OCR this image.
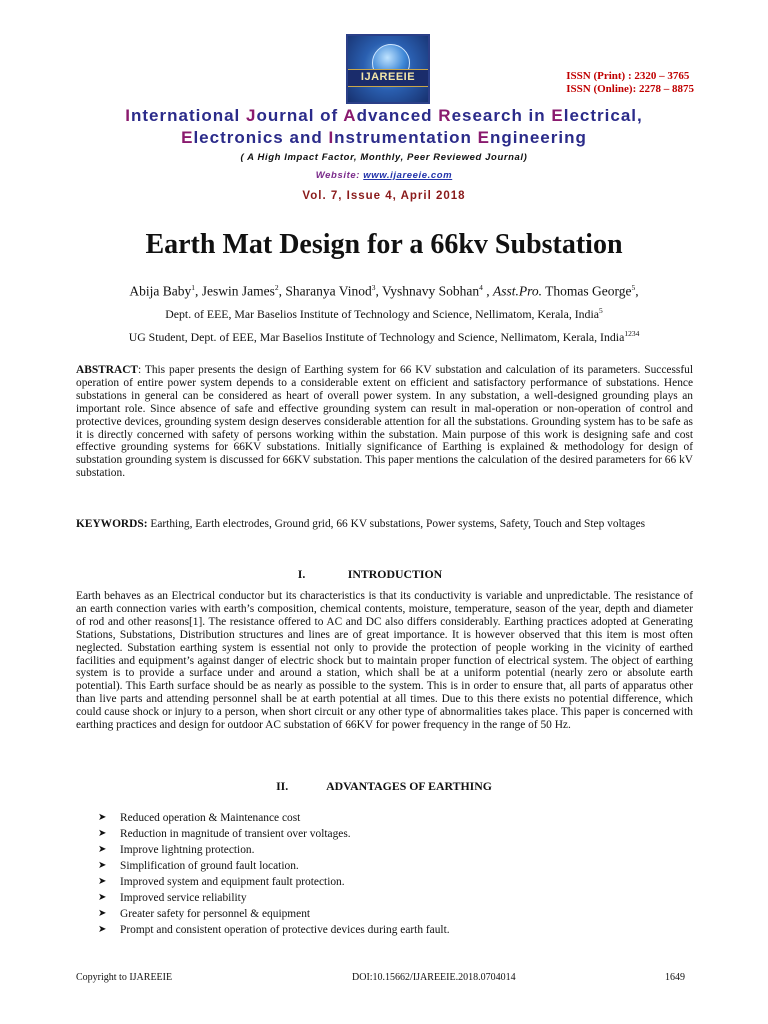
IJAREEIE	ISSN (Print) : 2320 – 3765
ISSN (Online): 2278 – 8875
International Journal of Advanced Research in Electrical,
Electronics and Instrumentation Engineering
( A High Impact Factor, Monthly, Peer Reviewed Journal)
Website: www.ijareeie.com
Vol. 7, Issue 4, April 2018
Earth Mat Design for a 66kv Substation
Abija Baby$^1$, Jeswin James$^2$, Sharanya Vinod$^3$, Vyshnavy Sobhan$^4$ , Asst.Pro. Thomas George$^5$,
Dept. of EEE, Mar Baselios Institute of Technology and Science, Nellimatom, Kerala, India$^5$
UG Student, Dept. of EEE, Mar Baselios Institute of Technology and Science, Nellimatom, Kerala, India$^{1234}$
ABSTRACT: This paper presents the design of Earthing system for 66 KV substation and calculation of its parameters. Successful operation of entire power system depends to a considerable extent on efficient and satisfactory performance of substations. Hence substations in general can be considered as heart of overall power system. In any substation, a well-designed grounding plays an important role. Since absence of safe and effective grounding system can result in mal-operation or non-operation of control and protective devices, grounding system design deserves considerable attention for all the substations. Grounding system has to be safe as it is directly concerned with safety of persons working within the substation. Main purpose of this work is designing safe and cost effective grounding systems for 66KV substations. Initially significance of Earthing is explained & methodology for design of substation grounding system is discussed for 66KV substation. This paper mentions the calculation of the desired parameters for 66 kV substation.
KEYWORDS: Earthing, Earth electrodes, Ground grid, 66 KV substations, Power systems, Safety, Touch and Step voltages
I.	INTRODUCTION
Earth behaves as an Electrical conductor but its characteristics is that its conductivity is variable and unpredictable. The resistance of an earth connection varies with earth’s composition, chemical contents, moisture, temperature, season of the year, depth and diameter of rod and other reasons[1]. The resistance offered to AC and DC also differs considerably. Earthing practices adopted at Generating Stations, Substations, Distribution structures and lines are of great importance. It is however observed that this item is most often neglected. Substation earthing system is essential not only to provide the protection of people working in the vicinity of earthed facilities and equipment’s against danger of electric shock but to maintain proper function of electrical system. The object of earthing system is to provide a surface under and around a station, which shall be at a uniform potential (nearly zero or absolute earth potential). This Earth surface should be as nearly as possible to the system. This is in order to ensure that, all parts of apparatus other than live parts and attending personnel shall be at earth potential at all times. Due to this there exists no potential difference, which could cause shock or injury to a person, when short circuit or any other type of abnormalities takes place. This paper is concerned with earthing practices and design for outdoor AC substation of 66KV for power frequency in the range of 50 Hz.
II.	ADVANTAGES OF EARTHING
➤ Reduced operation & Maintenance cost
➤ Reduction in magnitude of transient over voltages.
➤ Improve lightning protection.
➤ Simplification of ground fault location.
➤ Improved system and equipment fault protection.
➤ Improved service reliability
➤ Greater safety for personnel & equipment
➤ Prompt and consistent operation of protective devices during earth fault.
Copyright to IJAREEIE	DOI:10.15662/IJAREEIE.2018.0704014	1649
